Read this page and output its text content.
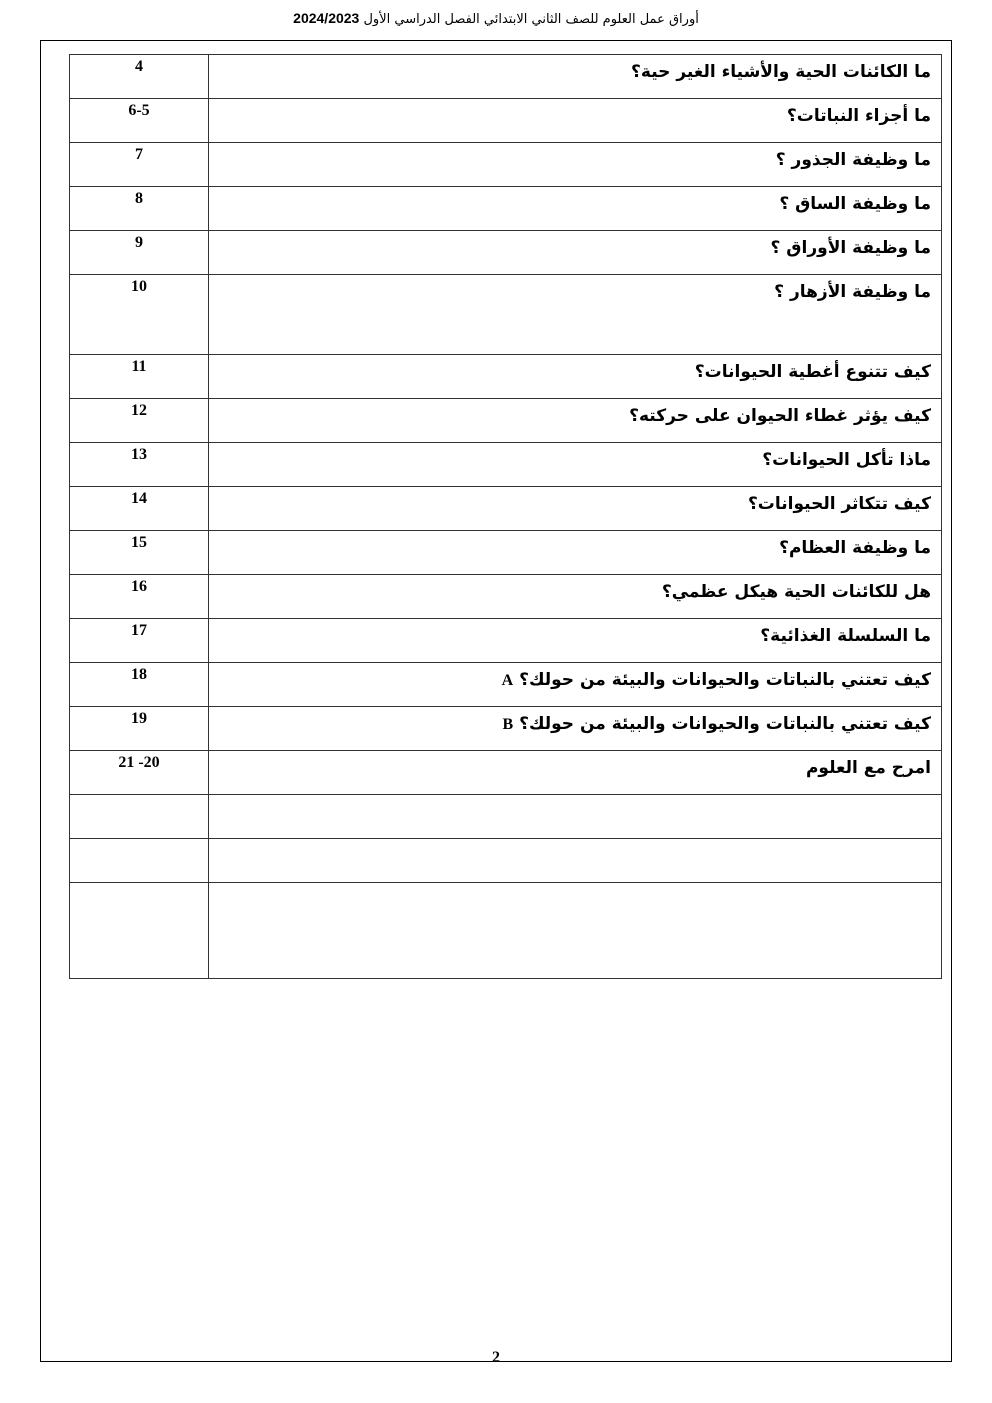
أوراق عمل العلوم للصف الثاني الابتدائي الفصل الدراسي الأول 2024/2023
ما الكائنات الحية والأشياء الغير حية؟	4
ما أجزاء النباتات؟	6-5
ما وظيفة الجذور ؟	7
ما وظيفة الساق ؟	8
ما وظيفة الأوراق ؟	9
ما وظيفة الأزهار ؟	10
كيف تتنوع أغطية الحيوانات؟	11
كيف يؤثر غطاء الحيوان على حركته؟	12
ماذا تأكل الحيوانات؟	13
كيف تتكاثر الحيوانات؟	14
ما وظيفة العظام؟	15
هل للكائنات الحية هيكل عظمي؟	16
ما السلسلة الغذائية؟	17
كيف تعتني بالنباتات والحيوانات والبيئة من حولك؟ A	18
كيف تعتني بالنباتات والحيوانات والبيئة من حولك؟ B	19
امرح مع العلوم	20- 21

2
